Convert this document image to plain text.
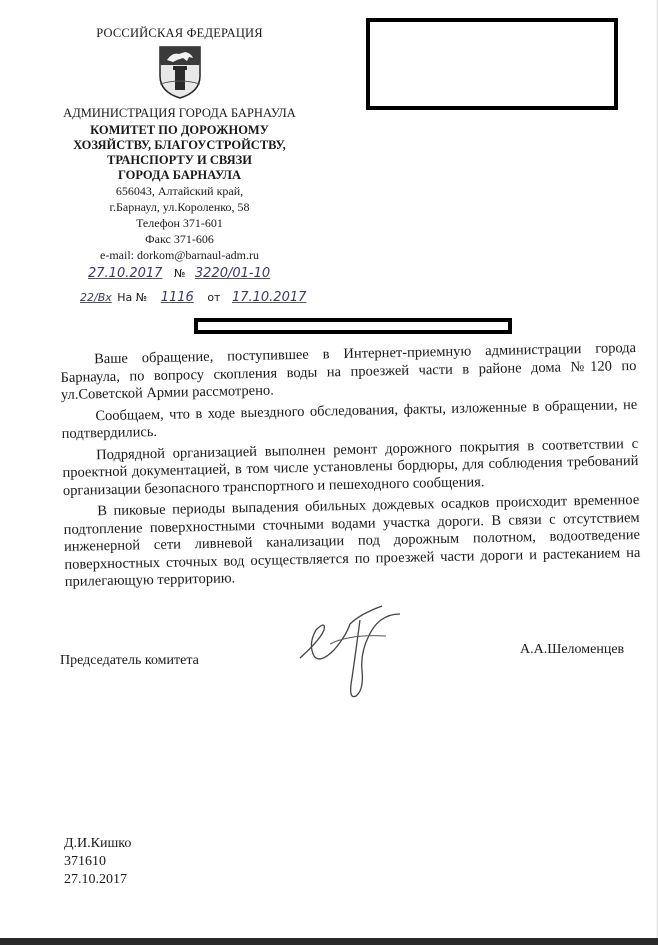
РОССИЙСКАЯ ФЕДЕРАЦИЯ
АДМИНИСТРАЦИЯ ГОРОДА БАРНАУЛА
КОМИТЕТ ПО ДОРОЖНОМУ
ХОЗЯЙСТВУ, БЛАГОУСТРОЙСТВУ,
ТРАНСПОРТУ И СВЯЗИ
ГОРОДА БАРНАУЛА
656043, Алтайский край,
г.Барнаул, ул.Короленко, 58
Телефон 371-601
Факс 371-606
e-mail: dorkom@barnaul-adm.ru
27.10.2017 № 3220/01-10
22/Вх На № 1116 от 17.10.2017

Ваше обращение, поступившее в Интернет-приемную администрации города Барнаула, по вопросу скопления воды на проезжей части в районе дома №120 по ул.Советской Армии рассмотрено.

Сообщаем, что в ходе выездного обследования, факты, изложенные в обращении, не подтвердились.

Подрядной организацией выполнен ремонт дорожного покрытия в соответствии с проектной документацией, в том числе установлены бордюры, для соблюдения требований организации безопасного транспортного и пешеходного сообщения.

В пиковые периоды выпадения обильных дождевых осадков происходит временное подтопление поверхностными сточными водами участка дороги. В связи с отсутствием инженерной сети ливневой канализации под дорожным полотном, водоотведение поверхностных сточных вод осуществляется по проезжей части дороги и растеканием на прилегающую территорию.

Председатель комитета
А.А.Шеломенцев
Д.И.Кишко
371610
27.10.2017
